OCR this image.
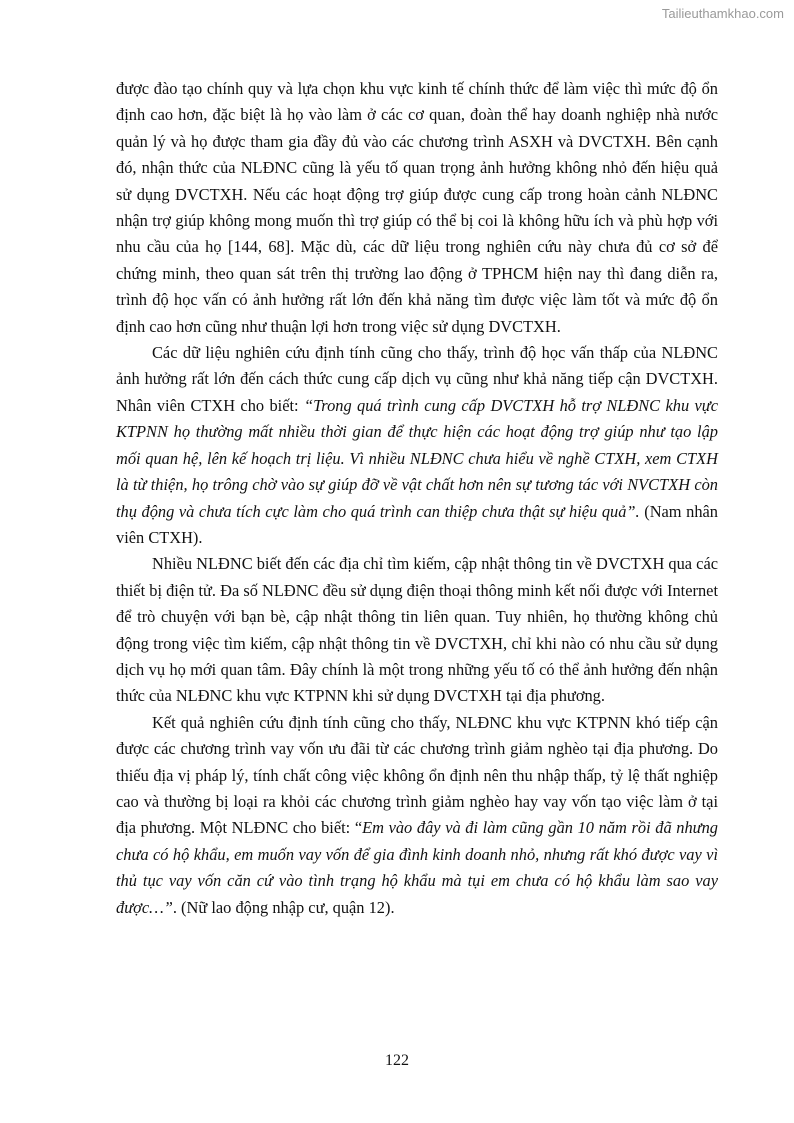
Tailieuthamkhao.com

được đào tạo chính quy và lựa chọn khu vực kinh tế chính thức để làm việc thì mức độ ổn định cao hơn, đặc biệt là họ vào làm ở các cơ quan, đoàn thể hay doanh nghiệp nhà nước quản lý và họ được tham gia đầy đủ vào các chương trình ASXH và DVCTXH. Bên cạnh đó, nhận thức của NLĐNC cũng là yếu tố quan trọng ảnh hưởng không nhỏ đến hiệu quả sử dụng DVCTXH. Nếu các hoạt động trợ giúp được cung cấp trong hoàn cảnh NLĐNC nhận trợ giúp không mong muốn thì trợ giúp có thể bị coi là không hữu ích và phù hợp với nhu cầu của họ [144, 68]. Mặc dù, các dữ liệu trong nghiên cứu này chưa đủ cơ sở để chứng minh, theo quan sát trên thị trường lao động ở TPHCM hiện nay thì đang diễn ra, trình độ học vấn có ảnh hưởng rất lớn đến khả năng tìm được việc làm tốt và mức độ ổn định cao hơn cũng như thuận lợi hơn trong việc sử dụng DVCTXH.

Các dữ liệu nghiên cứu định tính cũng cho thấy, trình độ học vấn thấp của NLĐNC ảnh hưởng rất lớn đến cách thức cung cấp dịch vụ cũng như khả năng tiếp cận DVCTXH. Nhân viên CTXH cho biết: “Trong quá trình cung cấp DVCTXH hỗ trợ NLĐNC khu vực KTPNN họ thường mất nhiều thời gian để thực hiện các hoạt động trợ giúp như tạo lập mối quan hệ, lên kế hoạch trị liệu. Vì nhiều NLĐNC chưa hiểu về nghề CTXH, xem CTXH là từ thiện, họ trông chờ vào sự giúp đỡ về vật chất hơn nên sự tương tác với NVCTXH còn thụ động và chưa tích cực làm cho quá trình can thiệp chưa thật sự hiệu quả”. (Nam nhân viên CTXH).

Nhiều NLĐNC biết đến các địa chỉ tìm kiếm, cập nhật thông tin về DVCTXH qua các thiết bị điện tử. Đa số NLĐNC đều sử dụng điện thoại thông minh kết nối được với Internet để trò chuyện với bạn bè, cập nhật thông tin liên quan. Tuy nhiên, họ thường không chủ động trong việc tìm kiếm, cập nhật thông tin về DVCTXH, chỉ khi nào có nhu cầu sử dụng dịch vụ họ mới quan tâm. Đây chính là một trong những yếu tố có thể ảnh hưởng đến nhận thức của NLĐNC khu vực KTPNN khi sử dụng DVCTXH tại địa phương.

Kết quả nghiên cứu định tính cũng cho thấy, NLĐNC khu vực KTPNN khó tiếp cận được các chương trình vay vốn ưu đãi từ các chương trình giảm nghèo tại địa phương. Do thiếu địa vị pháp lý, tính chất công việc không ổn định nên thu nhập thấp, tỷ lệ thất nghiệp cao và thường bị loại ra khỏi các chương trình giảm nghèo hay vay vốn tạo việc làm ở tại địa phương. Một NLĐNC cho biết: “Em vào đây và đi làm cũng gần 10 năm rồi đã nhưng chưa có hộ khẩu, em muốn vay vốn để gia đình kinh doanh nhỏ, nhưng rất khó được vay vì thủ tục vay vốn căn cứ vào tình trạng hộ khẩu mà tụi em chưa có hộ khẩu làm sao vay được…”. (Nữ lao động nhập cư, quận 12).

122
